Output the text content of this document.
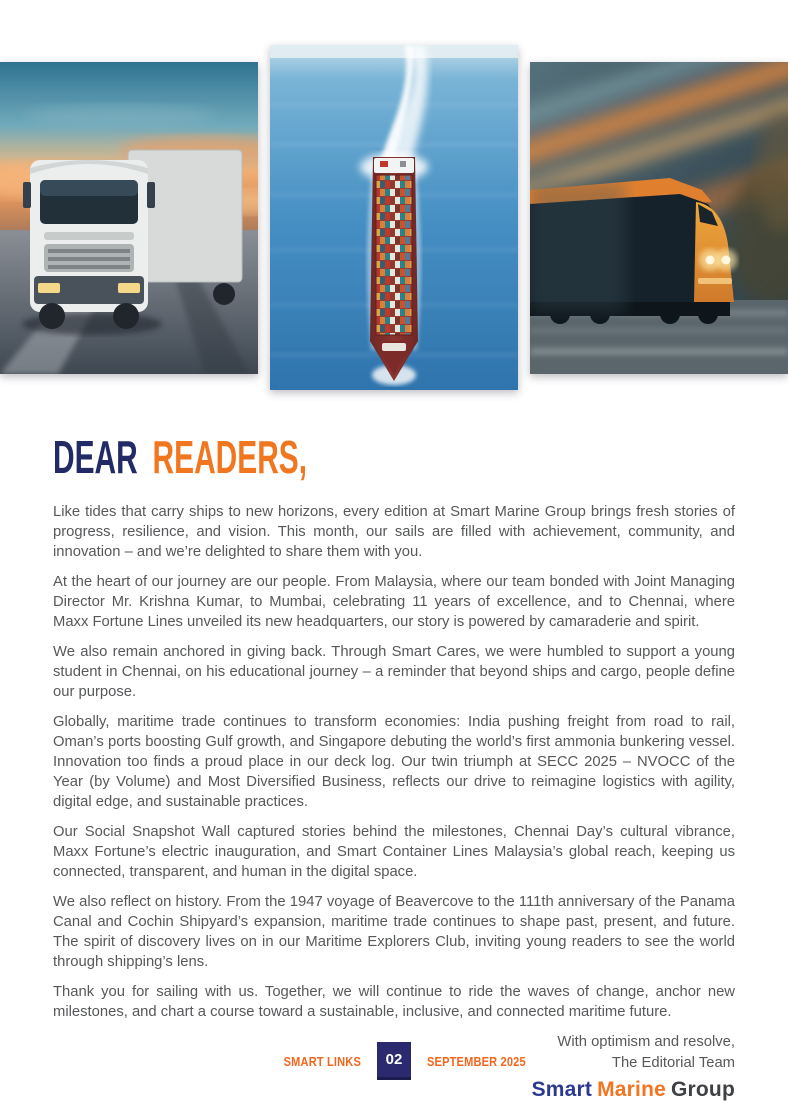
DEAR READERS,

Like tides that carry ships to new horizons, every edition at Smart Marine Group brings fresh stories of progress, resilience, and vision. This month, our sails are filled with achievement, community, and innovation – and we’re delighted to share them with you.

At the heart of our journey are our people. From Malaysia, where our team bonded with Joint Managing Director Mr. Krishna Kumar, to Mumbai, celebrating 11 years of excellence, and to Chennai, where Maxx Fortune Lines unveiled its new headquarters, our story is powered by camaraderie and spirit.

We also remain anchored in giving back. Through Smart Cares, we were humbled to support a young student in Chennai, on his educational journey – a reminder that beyond ships and cargo, people define our purpose.

Globally, maritime trade continues to transform economies: India pushing freight from road to rail, Oman’s ports boosting Gulf growth, and Singapore debuting the world’s first ammonia bunkering vessel. Innovation too finds a proud place in our deck log. Our twin triumph at SECC 2025 – NVOCC of the Year (by Volume) and Most Diversified Business, reflects our drive to reimagine logistics with agility, digital edge, and sustainable practices.

Our Social Snapshot Wall captured stories behind the milestones, Chennai Day’s cultural vibrance, Maxx Fortune’s electric inauguration, and Smart Container Lines Malaysia’s global reach, keeping us connected, transparent, and human in the digital space.

We also reflect on history. From the 1947 voyage of Beavercove to the 111th anniversary of the Panama Canal and Cochin Shipyard’s expansion, maritime trade continues to shape past, present, and future. The spirit of discovery lives on in our Maritime Explorers Club, inviting young readers to see the world through shipping’s lens.

Thank you for sailing with us. Together, we will continue to ride the waves of change, anchor new milestones, and chart a course toward a sustainable, inclusive, and connected maritime future.

With optimism and resolve,
The Editorial Team
Smart Marine Group
SMART LINKS 02 SEPTEMBER 2025
